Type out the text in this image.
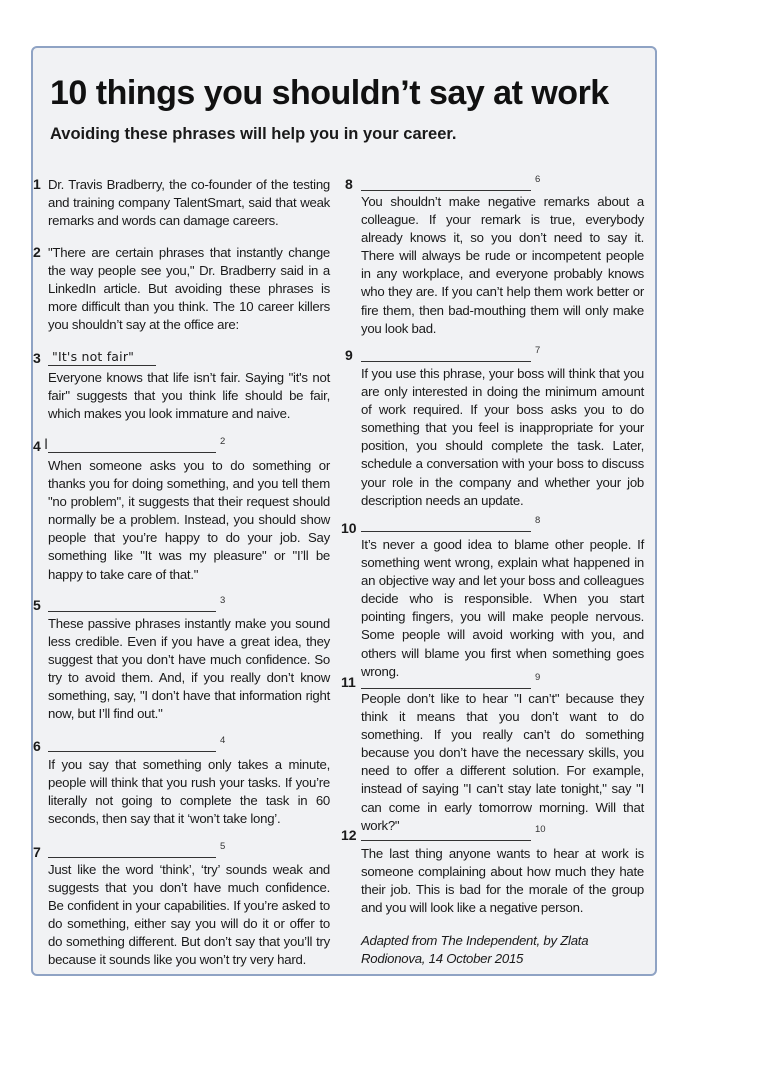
10 things you shouldn’t say at work
Avoiding these phrases will help you in your career.
1 Dr. Travis Bradberry, the co-founder of the testing and training company TalentSmart, said that weak remarks and words can damage careers.

2 "There are certain phrases that instantly change the way people see you," Dr. Bradberry said in a LinkedIn article. But avoiding these phrases is more difficult than you think. The 10 career killers you shouldn’t say at the office are:

3 "It's not fair"

Everyone knows that life isn’t fair. Saying "it's not fair" suggests that you think life should be fair, which makes you look immature and naive.

4 I	2

When someone asks you to do something or thanks you for doing something, and you tell them "no problem", it suggests that their request should normally be a problem. Instead, you should show people that you’re happy to do your job. Say something like "It was my pleasure" or "I’ll be happy to take care of that."

5	3

These passive phrases instantly make you sound less credible. Even if you have a great idea, they suggest that you don’t have much confidence. So try to avoid them. And, if you really don’t know something, say, "I don’t have that information right now, but I’ll find out."

6	4

If you say that something only takes a minute, people will think that you rush your tasks. If you’re literally not going to complete the task in 60 seconds, then say that it ‘won’t take long’.

7	5

Just like the word ‘think’, ‘try’ sounds weak and suggests that you don’t have much confidence. Be confident in your capabilities. If you’re asked to do something, either say you will do it or offer to do something different. But don’t say that you’ll try because it sounds like you won’t try very hard.

8	6

You shouldn’t make negative remarks about a colleague. If your remark is true, everybody already knows it, so you don’t need to say it. There will always be rude or incompetent people in any workplace, and everyone probably knows who they are. If you can’t help them work better or fire them, then bad-mouthing them will only make you look bad.

9	7

If you use this phrase, your boss will think that you are only interested in doing the minimum amount of work required. If your boss asks you to do something that you feel is inappropriate for your position, you should complete the task. Later, schedule a conversation with your boss to discuss your role in the company and whether your job description needs an update.

10	8

It’s never a good idea to blame other people. If something went wrong, explain what happened in an objective way and let your boss and colleagues decide who is responsible. When you start pointing fingers, you will make people nervous. Some people will avoid working with you, and others will blame you first when something goes wrong.

11	9

People don’t like to hear "I can’t" because they think it means that you don’t want to do something. If you really can’t do something because you don’t have the necessary skills, you need to offer a different solution. For example, instead of saying "I can’t stay late tonight," say "I can come in early tomorrow morning. Will that work?"

12	10

The last thing anyone wants to hear at work is someone complaining about how much they hate their job. This is bad for the morale of the group and you will look like a negative person.

Adapted from The Independent, by Zlata Rodionova, 14 October 2015
